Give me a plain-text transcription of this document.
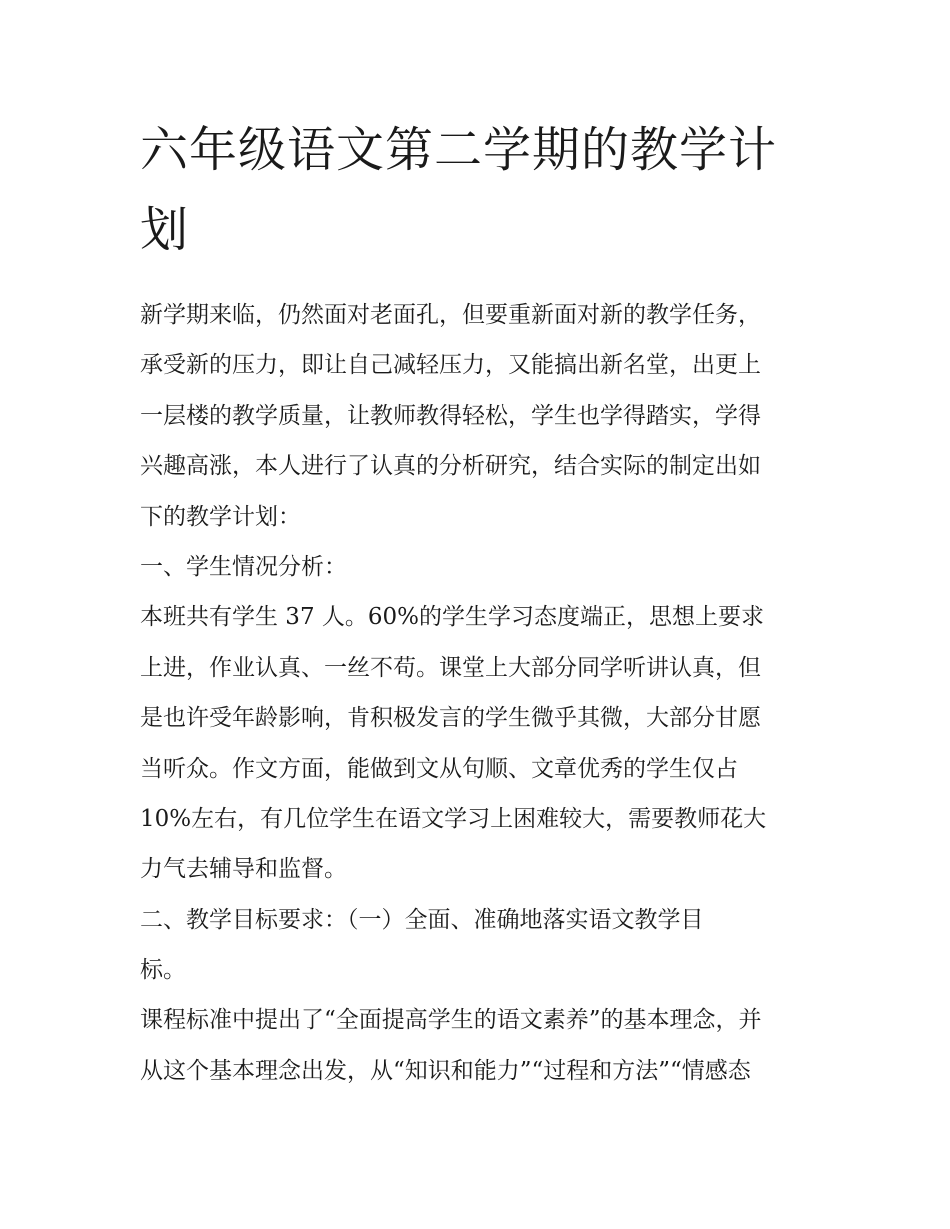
六年级语文第二学期的教学计
划
新学期来临，仍然面对老面孔，但要重新面对新的教学任务，
承受新的压力，即让自己减轻压力，又能搞出新名堂，出更上
一层楼的教学质量，让教师教得轻松，学生也学得踏实，学得
兴趣高涨，本人进行了认真的分析研究，结合实际的制定出如
下的教学计划：
一、学生情况分析：
本班共有学生 37 人。60%的学生学习态度端正，思想上要求
上进，作业认真、一丝不苟。课堂上大部分同学听讲认真，但
是也许受年龄影响，肯积极发言的学生微乎其微，大部分甘愿
当听众。作文方面，能做到文从句顺、文章优秀的学生仅占
10%左右，有几位学生在语文学习上困难较大，需要教师花大
力气去辅导和监督。
二、教学目标要求：（一）全面、准确地落实语文教学目
标。
课程标准中提出了“全面提高学生的语文素养”的基本理念，并
从这个基本理念出发，从“知识和能力”“过程和方法”“情感态
